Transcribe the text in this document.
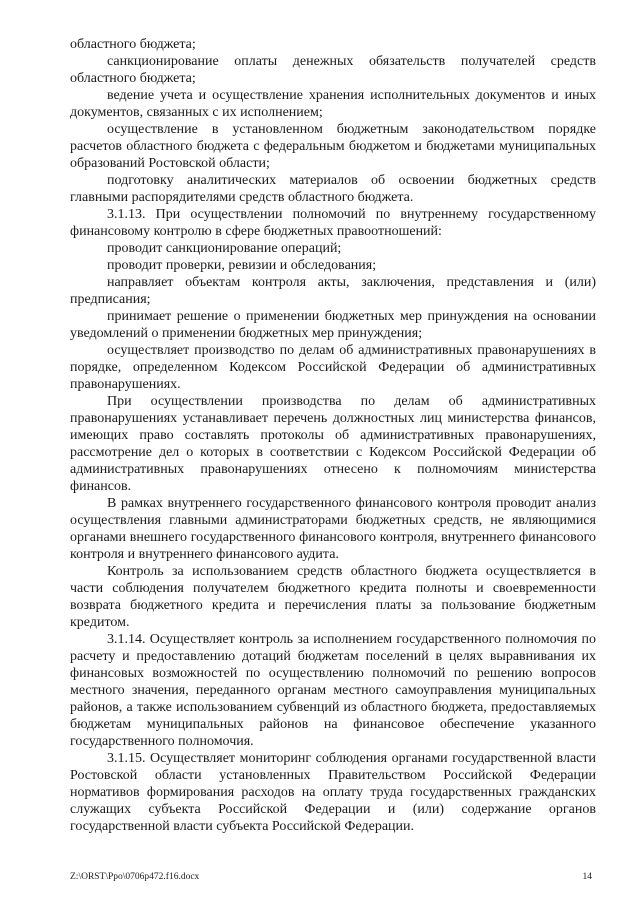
областного бюджета;

санкционирование оплаты денежных обязательств получателей средств областного бюджета;

ведение учета и осуществление хранения исполнительных документов и иных документов, связанных с их исполнением;

осуществление в установленном бюджетным законодательством порядке расчетов областного бюджета с федеральным бюджетом и бюджетами муниципальных образований Ростовской области;

подготовку аналитических материалов об освоении бюджетных средств главными распорядителями средств областного бюджета.

3.1.13. При осуществлении полномочий по внутреннему государственному финансовому контролю в сфере бюджетных правоотношений:

проводит санкционирование операций;

проводит проверки, ревизии и обследования;

направляет объектам контроля акты, заключения, представления и (или) предписания;

принимает решение о применении бюджетных мер принуждения на основании уведомлений о применении бюджетных мер принуждения;

осуществляет производство по делам об административных правонарушениях в порядке, определенном Кодексом Российской Федерации об административных правонарушениях.

При осуществлении производства по делам об административных правонарушениях устанавливает перечень должностных лиц министерства финансов, имеющих право составлять протоколы об административных правонарушениях, рассмотрение дел о которых в соответствии с Кодексом Российской Федерации об административных правонарушениях отнесено к полномочиям министерства финансов.

В рамках внутреннего государственного финансового контроля проводит анализ осуществления главными администраторами бюджетных средств, не являющимися органами внешнего государственного финансового контроля, внутреннего финансового контроля и внутреннего финансового аудита.

Контроль за использованием средств областного бюджета осуществляется в части соблюдения получателем бюджетного кредита полноты и своевременности возврата бюджетного кредита и перечисления платы за пользование бюджетным кредитом.

3.1.14. Осуществляет контроль за исполнением государственного полномочия по расчету и предоставлению дотаций бюджетам поселений в целях выравнивания их финансовых возможностей по осуществлению полномочий по решению вопросов местного значения, переданного органам местного самоуправления муниципальных районов, а также использованием субвенций из областного бюджета, предоставляемых бюджетам муниципальных районов на финансовое обеспечение указанного государственного полномочия.

3.1.15. Осуществляет мониторинг соблюдения органами государственной власти Ростовской области установленных Правительством Российской Федерации нормативов формирования расходов на оплату труда государственных гражданских служащих субъекта Российской Федерации и (или) содержание органов государственной власти субъекта Российской Федерации.

Z:\ORST\Ppo\0706p472.f16.docx	14
